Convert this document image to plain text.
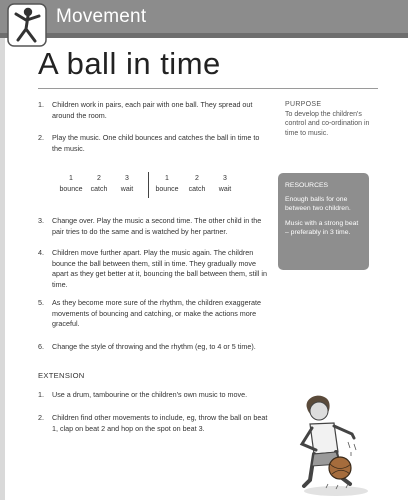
Movement
A ball in time
1. Children work in pairs, each pair with one ball. They spread out around the room.
2. Play the music. One child bounces and catches the ball in time to the music.
3. Change over. Play the music a second time. The other child in the pair tries to do the same and is watched by her partner.
4. Children move further apart. Play the music again. The children bounce the ball between them, still in time. They gradually move apart as they get better at it, bouncing the ball between them, still in time.
5. As they become more sure of the rhythm, the children exaggerate movements of bouncing and catching, or make the actions more graceful.
6. Change the style of throwing and the rhythm (eg, to 4 or 5 time).
1. Use a drum, tambourine or the children's own music to move.
2. Children find other movements to include, eg, throw the ball on beat 1, clap on beat 2 and hop on the spot on beat 3.
1	2	3
bounce	catch	wait
1	2	3
bounce	catch	wait
EXTENSION
PURPOSE
To develop the children's control and co-ordination in time to music.

RESOURCES

Enough balls for one between two children.

Music with a strong beat – preferably in 3 time.
